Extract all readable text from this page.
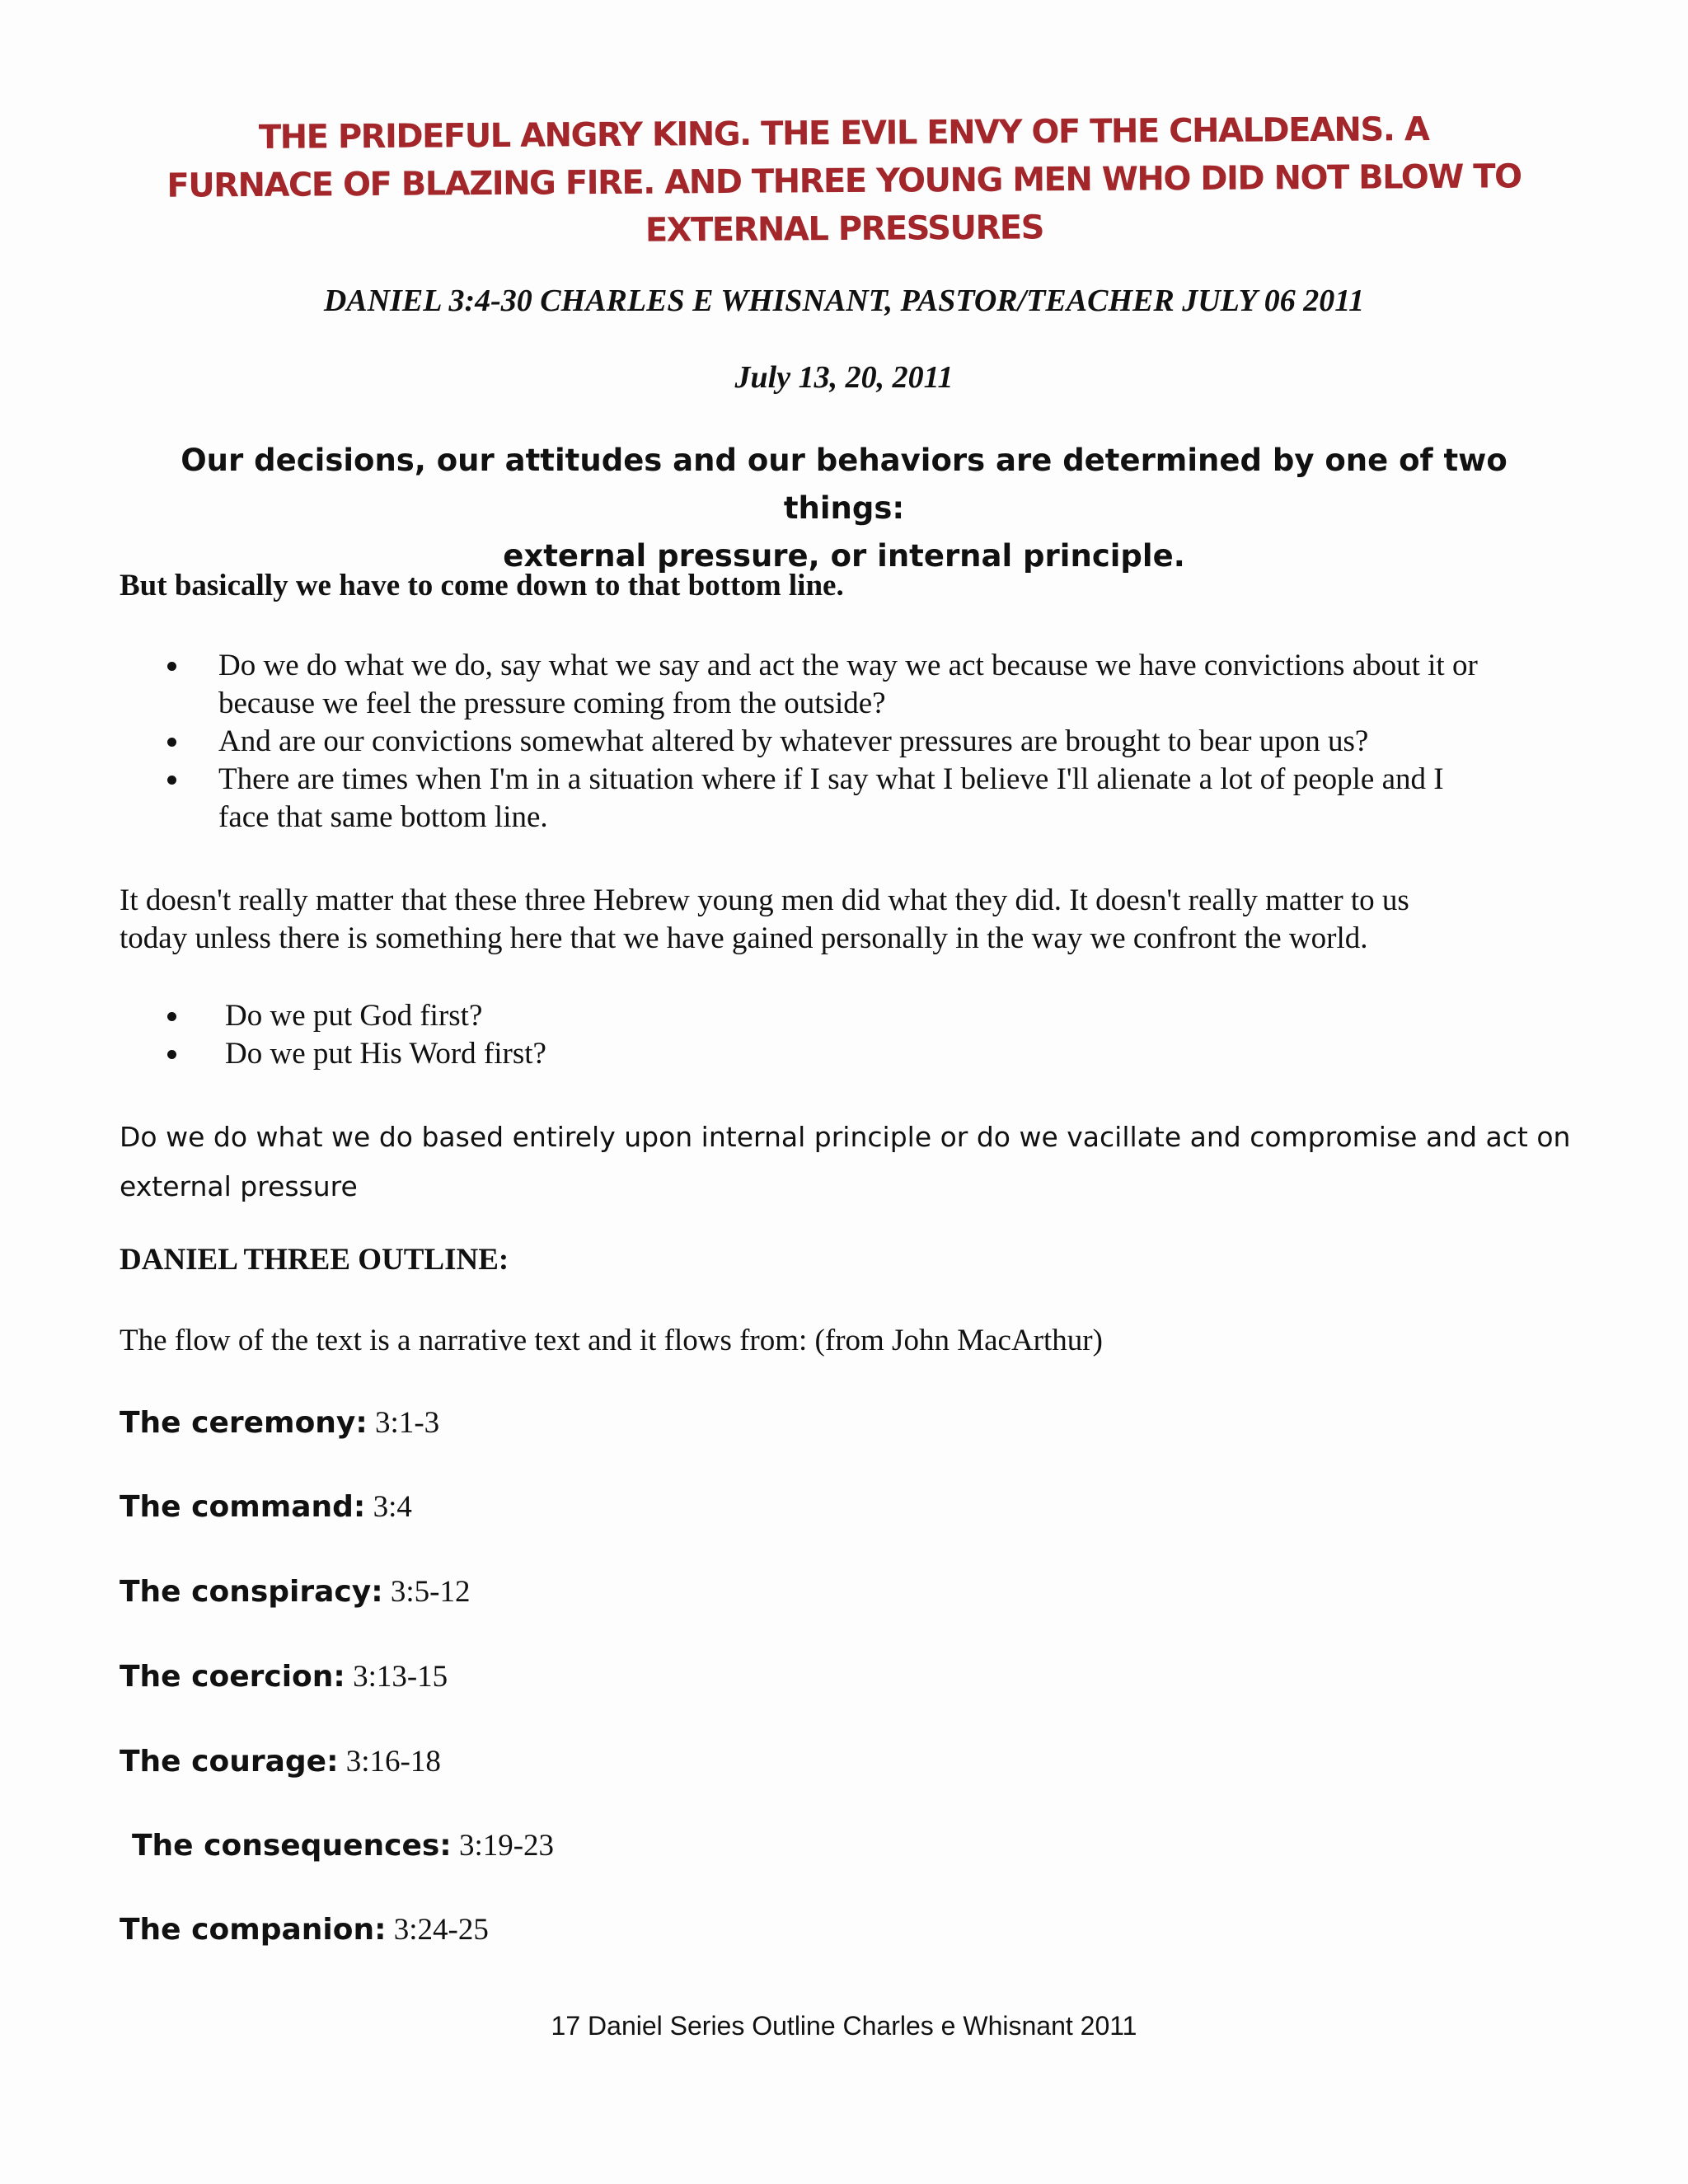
THE PRIDEFUL ANGRY KING. THE EVIL ENVY OF THE CHALDEANS. A
FURNACE OF BLAZING FIRE. AND THREE YOUNG MEN WHO DID NOT BLOW TO
EXTERNAL PRESSURES
DANIEL 3:4-30 CHARLES E WHISNANT, PASTOR/TEACHER JULY 06 2011
July 13, 20, 2011
Our decisions, our attitudes and our behaviors are determined by one of two things:
external pressure, or internal principle.
But basically we have to come down to that bottom line.
Do we do what we do, say what we say and act the way we act because we have convictions about it or
because we feel the pressure coming from the outside?
And are our convictions somewhat altered by whatever pressures are brought to bear upon us?
There are times when I'm in a situation where if I say what I believe I'll alienate a lot of people and I
face that same bottom line.
It doesn't really matter that these three Hebrew young men did what they did. It doesn't really matter to us
today unless there is something here that we have gained personally in the way we confront the world.
Do we put God first?
Do we put His Word first?
Do we do what we do based entirely upon internal principle or do we vacillate and compromise and act on
external pressure
DANIEL THREE OUTLINE:
The flow of the text is a narrative text and it flows from: (from John MacArthur)
The ceremony: 3:1-3
The command: 3:4
The conspiracy: 3:5-12
The coercion: 3:13-15
The courage: 3:16-18
The consequences: 3:19-23
The companion: 3:24-25
17 Daniel Series Outline Charles e Whisnant 2011
